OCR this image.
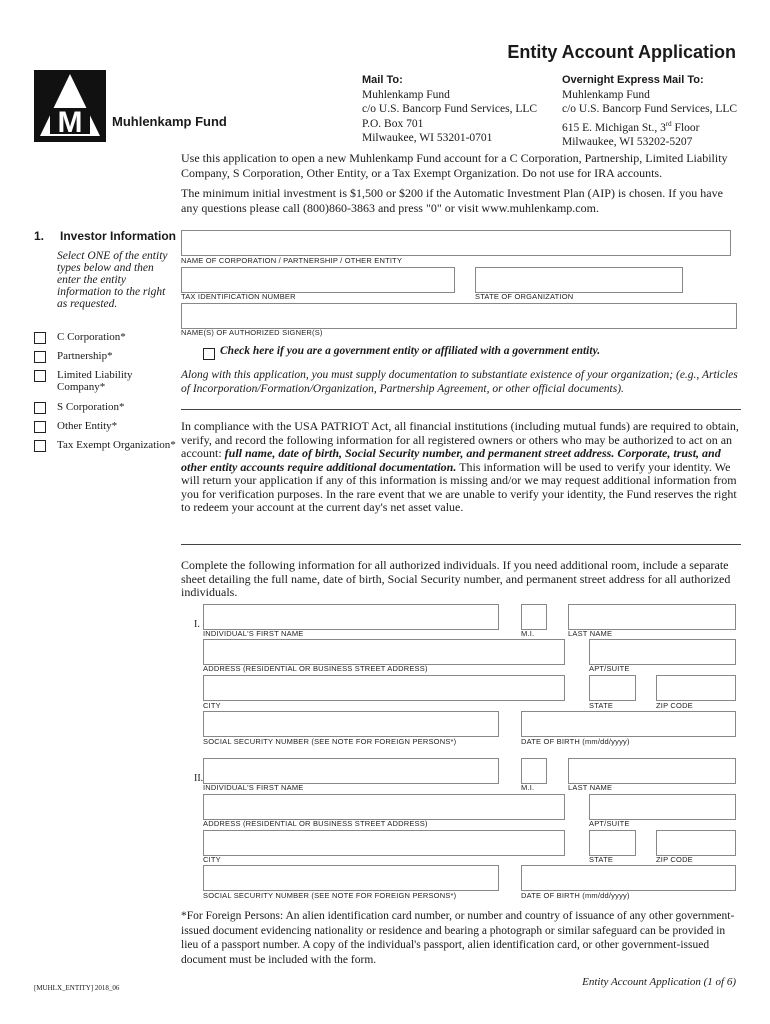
Entity Account Application
M Muhlenkamp Fund
Mail To:
Muhlenkamp Fund
c/o U.S. Bancorp Fund Services, LLC
P.O. Box 701
Milwaukee, WI 53201-0701
Overnight Express Mail To:
Muhlenkamp Fund
c/o U.S. Bancorp Fund Services, LLC
615 E. Michigan St., 3rd Floor
Milwaukee, WI 53202-5207
Use this application to open a new Muhlenkamp Fund account for a C Corporation, Partnership, Limited Liability Company, S Corporation, Other Entity, or a Tax Exempt Organization. Do not use for IRA accounts.
The minimum initial investment is $1,500 or $200 if the Automatic Investment Plan (AIP) is chosen. If you have any questions please call (800)860-3863 and press "0" or visit www.muhlenkamp.com.
1. Investor Information
Select ONE of the entity types below and then enter the entity information to the right as requested.
C Corporation*
Partnership*
Limited Liability Company*
S Corporation*
Other Entity*
Tax Exempt Organization*
NAME OF CORPORATION / PARTNERSHIP / OTHER ENTITY
TAX IDENTIFICATION NUMBER	STATE OF ORGANIZATION
NAME(S) OF AUTHORIZED SIGNER(S)
Check here if you are a government entity or affiliated with a government entity.
Along with this application, you must supply documentation to substantiate existence of your organization; (e.g., Articles of Incorporation/Formation/Organization, Partnership Agreement, or other official documents).
In compliance with the USA PATRIOT Act, all financial institutions (including mutual funds) are required to obtain, verify, and record the following information for all registered owners or others who may be authorized to act on an account: full name, date of birth, Social Security number, and permanent street address. Corporate, trust, and other entity accounts require additional documentation. This information will be used to verify your identity. We will return your application if any of this information is missing and/or we may request additional information from you for verification purposes. In the rare event that we are unable to verify your identity, the Fund reserves the right to redeem your account at the current day's net asset value.
Complete the following information for all authorized individuals. If you need additional room, include a separate sheet detailing the full name, date of birth, Social Security number, and permanent street address for all authorized individuals.
I.
INDIVIDUAL'S FIRST NAME	M.I.	LAST NAME
ADDRESS (RESIDENTIAL OR BUSINESS STREET ADDRESS)	APT/SUITE
CITY	STATE	ZIP CODE
SOCIAL SECURITY NUMBER (SEE NOTE FOR FOREIGN PERSONS*)	DATE OF BIRTH (mm/dd/yyyy)
II.
INDIVIDUAL'S FIRST NAME	M.I.	LAST NAME
ADDRESS (RESIDENTIAL OR BUSINESS STREET ADDRESS)	APT/SUITE
CITY	STATE	ZIP CODE
SOCIAL SECURITY NUMBER (SEE NOTE FOR FOREIGN PERSONS*)	DATE OF BIRTH (mm/dd/yyyy)
*For Foreign Persons: An alien identification card number, or number and country of issuance of any other government-issued document evidencing nationality or residence and bearing a photograph or similar safeguard can be provided in lieu of a passport number. A copy of the individual's passport, alien identification card, or other government-issued document must be included with the form.
[MUHLX_ENTITY] 2018_06	Entity Account Application (1 of 6)
